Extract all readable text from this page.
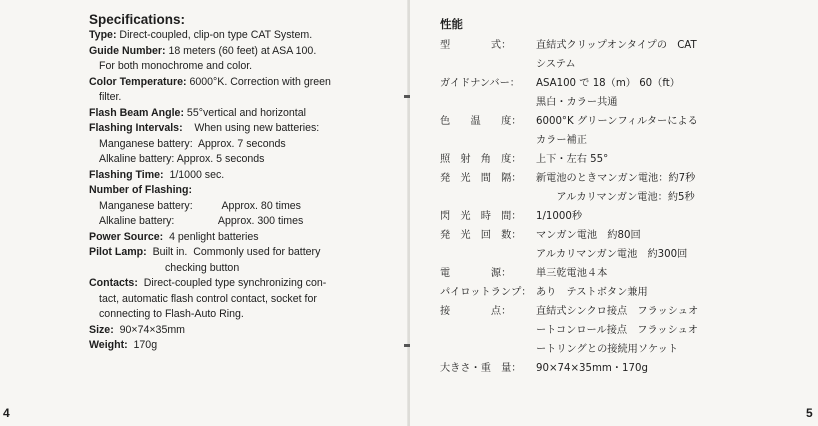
Specifications:
Type: Direct-coupled, clip-on type CAT System.
Guide Number: 18 meters (60 feet) at ASA 100.
For both monochrome and color.
Color Temperature: 6000°K. Correction with green
filter.
Flash Beam Angle: 55°vertical and horizontal
Flashing Intervals:    When using new batteries:
Manganese battery:  Approx. 7 seconds
Alkaline battery: Approx. 5 seconds
Flashing Time:  1/1000 sec.
Number of Flashing:
Manganese battery:          Approx. 80 times
Alkaline battery:               Approx. 300 times
Power Source:  4 penlight batteries
Pilot Lamp:  Built in.  Commonly used for battery
checking button
Contacts:  Direct-coupled type synchronizing con-
tact, automatic flash control contact, socket for
connecting to Flash-Auto Ring.
Size:  90×74×35mm
Weight:  170g
4	5
性能
型　　　　式：	直結式クリップオンタイプの　CAT
システム
ガイドナンバー：	ASA100 で 18（m） 60（ft）
黒白・カラー共通
色　　温　　度：	6000°K グリーンフィルターによる
カラー補正
照　射　角　度：	上下・左右 55°
発　光　間　隔：	新電池のときマンガン電池：約7秒
　　アルカリマンガン電池：約5秒
閃　光　時　間：	1/1000秒
発　光　回　数：	マンガン電池　約80回
アルカリマンガン電池　約300回
電　　　　源：	単三乾電池４本
パイロットランプ： あり　テストボタン兼用
接　　　　点：	直結式シンクロ接点　フラッシュオ
ートコンロール接点　フラッシュオ
ートリングとの接続用ソケット
大きさ・重　量：	90×74×35mm・170g
